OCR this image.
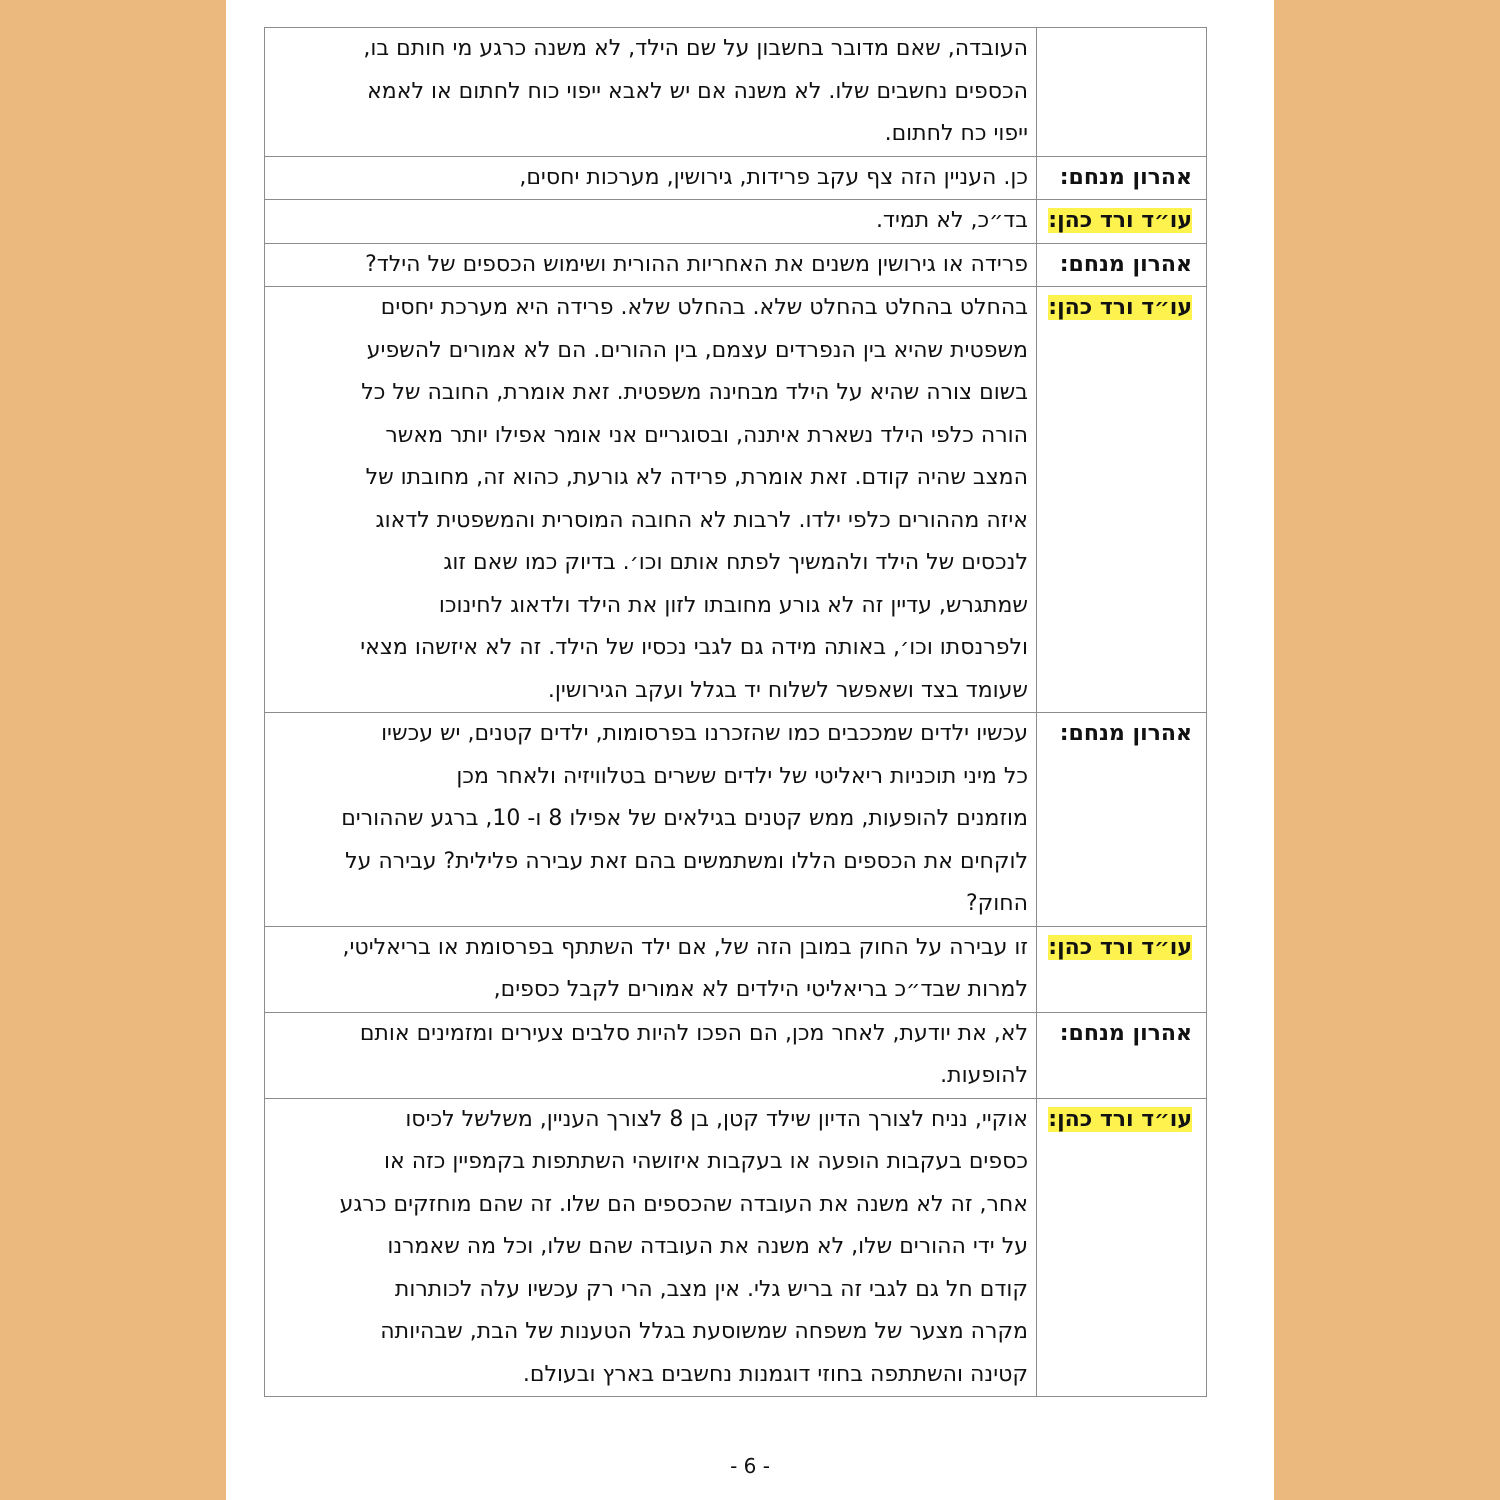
העובדה, שאם מדובר בחשבון על שם הילד, לא משנה כרגע מי חותם בו,
הכספים נחשבים שלו. לא משנה אם יש לאבא ייפוי כוח לחתום או לאמא
ייפוי כח לחתום.
אהרון מנחם:
כן. העניין הזה צף עקב פרידות, גירושין, מערכות יחסים,
עו״ד ורד כהן:
בד״כ, לא תמיד.
אהרון מנחם:
פרידה או גירושין משנים את האחריות ההורית ושימוש הכספים של הילד?
עו״ד ורד כהן:
בהחלט בהחלט בהחלט שלא. בהחלט שלא. פרידה היא מערכת יחסים
משפטית שהיא בין הנפרדים עצמם, בין ההורים. הם לא אמורים להשפיע
בשום צורה שהיא על הילד מבחינה משפטית. זאת אומרת, החובה של כל
הורה כלפי הילד נשארת איתנה, ובסוגריים אני אומר אפילו יותר מאשר
המצב שהיה קודם. זאת אומרת, פרידה לא גורעת, כהוא זה, מחובתו של
איזה מההורים כלפי ילדו. לרבות לא החובה המוסרית והמשפטית לדאוג
לנכסים של הילד ולהמשיך לפתח אותם וכו׳. בדיוק כמו שאם זוג
שמתגרש, עדיין זה לא גורע מחובתו לזון את הילד ולדאוג לחינוכו
ולפרנסתו וכו׳, באותה מידה גם לגבי נכסיו של הילד. זה לא איזשהו מצאי
שעומד בצד ושאפשר לשלוח יד בגלל ועקב הגירושין.
אהרון מנחם:
עכשיו ילדים שמככבים כמו שהזכרנו בפרסומות, ילדים קטנים, יש עכשיו
כל מיני תוכניות ריאליטי של ילדים ששרים בטלוויזיה ולאחר מכן
מוזמנים להופעות, ממש קטנים בגילאים של אפילו 8 ו- 10, ברגע שההורים
לוקחים את הכספים הללו ומשתמשים בהם זאת עבירה פלילית? עבירה על
החוק?
עו״ד ורד כהן:
זו עבירה על החוק במובן הזה של, אם ילד השתתף בפרסומת או בריאליטי,
למרות שבד״כ בריאליטי הילדים לא אמורים לקבל כספים,
אהרון מנחם:
לא, את יודעת, לאחר מכן, הם הפכו להיות סלבים צעירים ומזמינים אותם
להופעות.
עו״ד ורד כהן:
אוקיי, נניח לצורך הדיון שילד קטן, בן 8 לצורך העניין, משלשל לכיסו
כספים בעקבות הופעה או בעקבות איזושהי השתתפות בקמפיין כזה או
אחר, זה לא משנה את העובדה שהכספים הם שלו. זה שהם מוחזקים כרגע
על ידי ההורים שלו, לא משנה את העובדה שהם שלו, וכל מה שאמרנו
קודם חל גם לגבי זה בריש גלי. אין מצב, הרי רק עכשיו עלה לכותרות
מקרה מצער של משפחה שמשוסעת בגלל הטענות של הבת, שבהיותה
קטינה והשתתפה בחוזי דוגמנות נחשבים בארץ ובעולם.
- 6 -
